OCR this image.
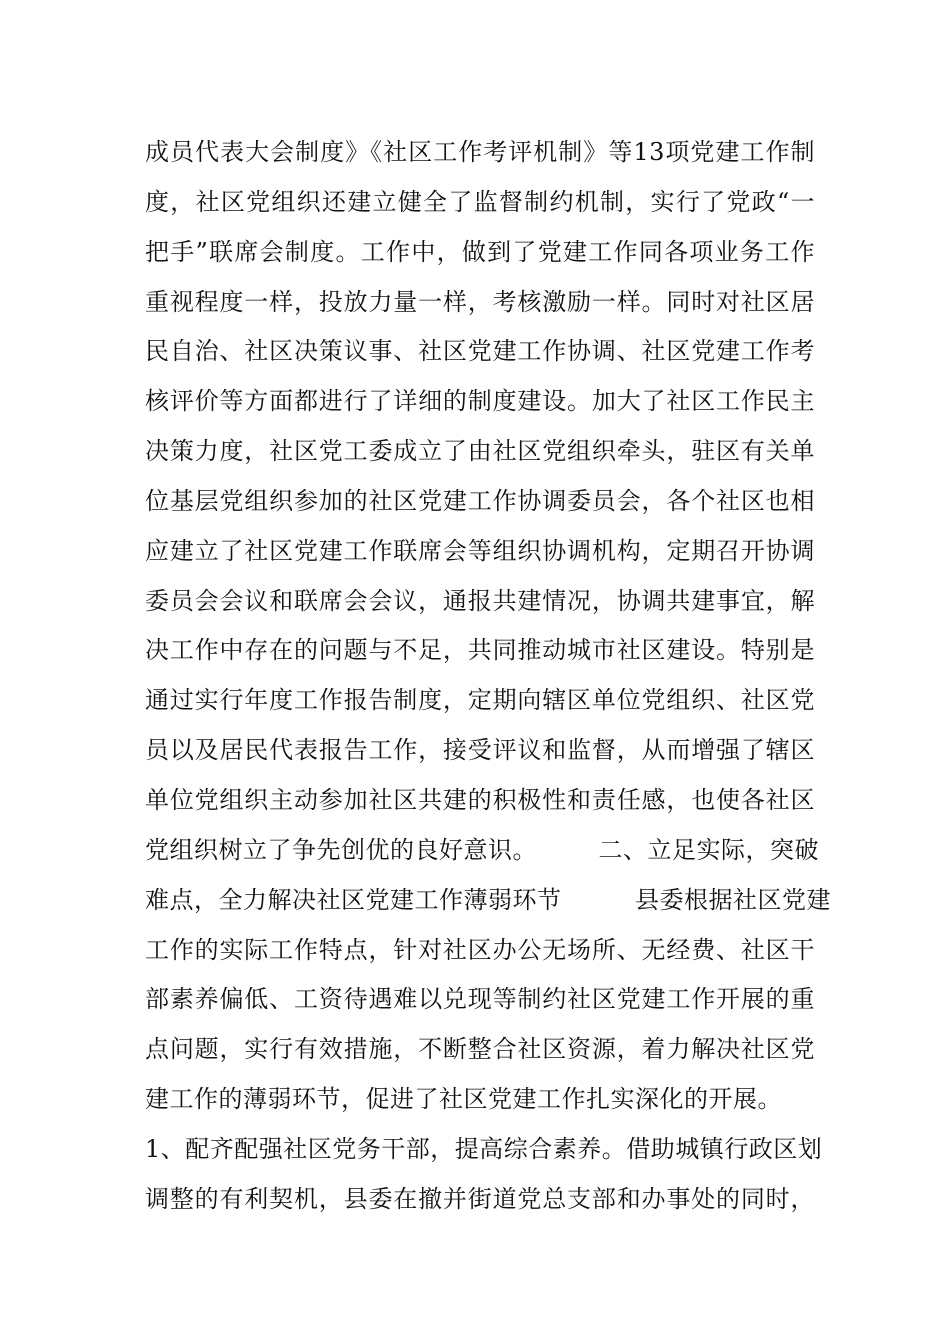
成员代表大会制度》《社区工作考评机制》等13项党建工作制
度，社区党组织还建立健全了监督制约机制，实行了党政“一
把手”联席会制度。工作中，做到了党建工作同各项业务工作
重视程度一样，投放力量一样，考核激励一样。同时对社区居
民自治、社区决策议事、社区党建工作协调、社区党建工作考
核评价等方面都进行了详细的制度建设。加大了社区工作民主
决策力度，社区党工委成立了由社区党组织牵头，驻区有关单
位基层党组织参加的社区党建工作协调委员会，各个社区也相
应建立了社区党建工作联席会等组织协调机构，定期召开协调
委员会会议和联席会会议，通报共建情况，协调共建事宜，解
决工作中存在的问题与不足，共同推动城市社区建设。特别是
通过实行年度工作报告制度，定期向辖区单位党组织、社区党
员以及居民代表报告工作，接受评议和监督，从而增强了辖区
单位党组织主动参加社区共建的积极性和责任感，也使各社区
党组织树立了争先创优的良好意识。　　　二、立足实际，突破
难点，全力解决社区党建工作薄弱环节　　　县委根据社区党建
工作的实际工作特点，针对社区办公无场所、无经费、社区干
部素养偏低、工资待遇难以兑现等制约社区党建工作开展的重
点问题，实行有效措施，不断整合社区资源，着力解决社区党
建工作的薄弱环节，促进了社区党建工作扎实深化的开展。
1、配齐配强社区党务干部，提高综合素养。借助城镇行政区划
调整的有利契机，县委在撤并街道党总支部和办事处的同时，
